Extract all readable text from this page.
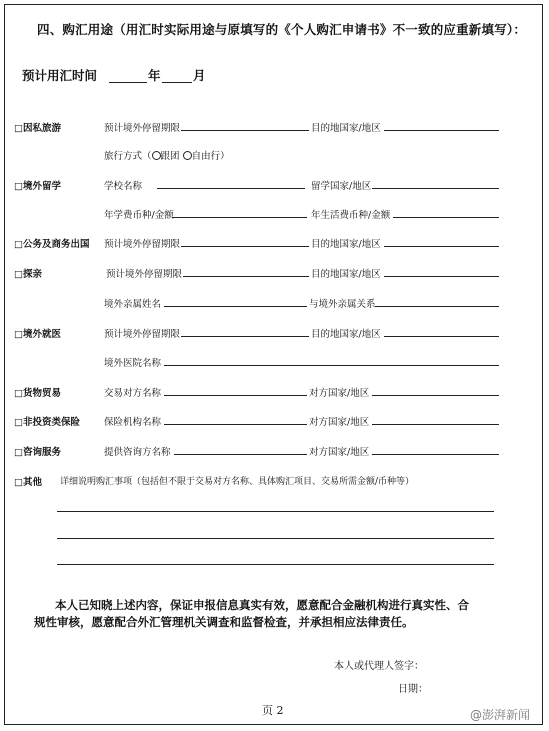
四、购汇用途（用汇时实际用途与原填写的《个人购汇申请书》不一致的应重新填写）：
预计用汇时间	年	月
□因私旅游	预计境外停留期限	目的地国家/地区
旅行方式（ 跟团 自由行）
□境外留学	学校名称	留学国家/地区
年学费币种/金额	年生活费币种/金额
□公务及商务出国 预计境外停留期限	目的地国家/地区
□探亲	预计境外停留期限	目的地国家/地区
境外亲属姓名	与境外亲属关系
□境外就医	预计境外停留期限	目的地国家/地区
境外医院名称
□货物贸易	交易对方名称	对方国家/地区
□非投资类保险	保险机构名称	对方国家/地区
□咨询服务	提供咨询方名称	对方国家/地区
□其他 详细说明购汇事项（包括但不限于交易对方名称、具体购汇项目、交易所需金额/币种等）
本人已知晓上述内容，保证申报信息真实有效，愿意配合金融机构进行真实性、合
规性审核，愿意配合外汇管理机关调查和监督检查，并承担相应法律责任。
本人或代理人签字：
日期：
页 2	@澎湃新闻
